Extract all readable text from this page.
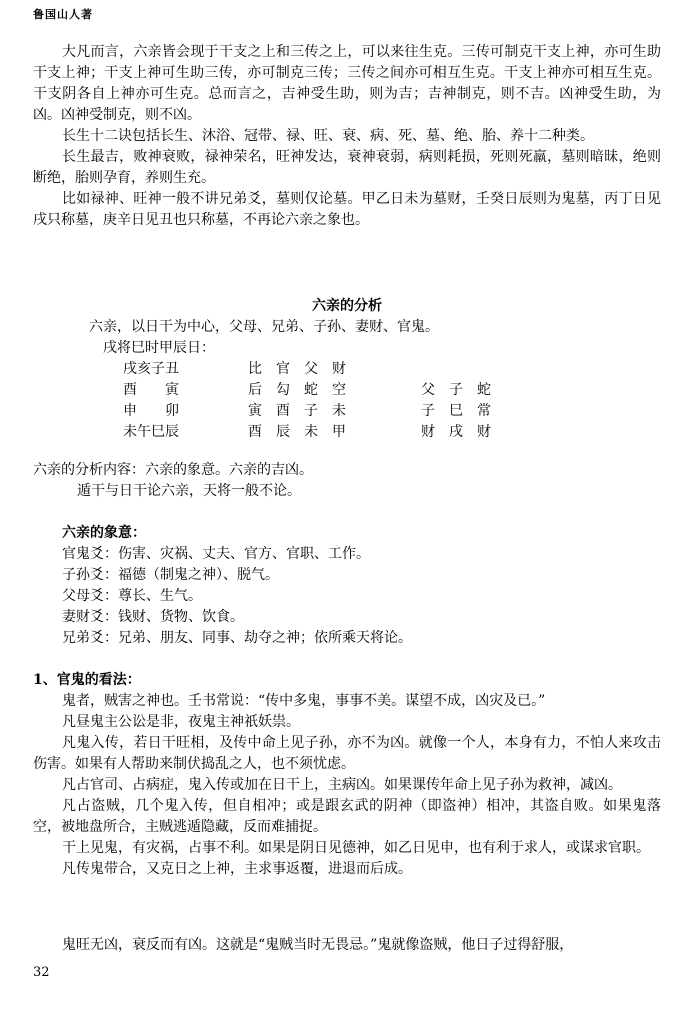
鲁国山人著

大凡而言，六亲皆会现于干支之上和三传之上，可以来往生克。三传可制克干支上神，亦可生助干支上神；干支上神可生助三传，亦可制克三传；三传之间亦可相互生克。干支上神亦可相互生克。干支阴各自上神亦可生克。总而言之，吉神受生助，则为吉；吉神制克，则不吉。凶神受生助，为凶。凶神受制克，则不凶。

长生十二诀包括长生、沐浴、冠带、禄、旺、衰、病、死、墓、绝、胎、养十二种类。

长生最吉，败神衰败，禄神荣名，旺神发达，衰神衰弱，病则耗损，死则死羸，墓则暗昧，绝则断绝，胎则孕育，养则生充。

比如禄神、旺神一般不讲兄弟爻，墓则仅论墓。甲乙日未为墓财，壬癸日辰则为鬼墓，丙丁日见戌只称墓，庚辛日见丑也只称墓，不再论六亲之象也。

六亲的分析

六亲，以日干为中心，父母、兄弟、子孙、妻财、官鬼。

戌将巳时甲辰日：

戌亥子丑	比　官　父　财
酉　　寅	后　勾　蛇　空	父　子　蛇
申　　卯	寅　酉　子　未	子　巳　常
未午巳辰	酉　辰　未　甲	财　戌　财

六亲的分析内容：六亲的象意。六亲的吉凶。

遁干与日干论六亲，天将一般不论。

六亲的象意：

官鬼爻：伤害、灾祸、丈夫、官方、官职、工作。

子孙爻：福德（制鬼之神）、脱气。

父母爻：尊长、生气。

妻财爻：钱财、货物、饮食。

兄弟爻：兄弟、朋友、同事、劫夺之神；依所乘天将论。

1、官鬼的看法：

鬼者，贼害之神也。壬书常说：“传中多鬼，事事不美。谋望不成，凶灾及已。”

凡昼鬼主公讼是非，夜鬼主神祇妖祟。

凡鬼入传，若日干旺相，及传中命上见子孙，亦不为凶。就像一个人，本身有力，不怕人来攻击伤害。如果有人帮助来制伏捣乱之人，也不须忧虑。

凡占官司、占病症，鬼入传或加在日干上，主病凶。如果课传年命上见子孙为救神，减凶。

凡占盗贼，几个鬼入传，但自相冲；或是跟玄武的阴神（即盗神）相冲，其盗自败。如果鬼落空，被地盘所合，主贼逃遁隐藏，反而难捕捉。

干上见鬼，有灾祸，占事不利。如果是阴日见德神，如乙日见申，也有利于求人，或谋求官职。

凡传鬼带合，又克日之上神，主求事返覆，进退而后成。

鬼旺无凶，衰反而有凶。这就是“鬼贼当时无畏忌。”鬼就像盗贼，他日子过得舒服，

32
